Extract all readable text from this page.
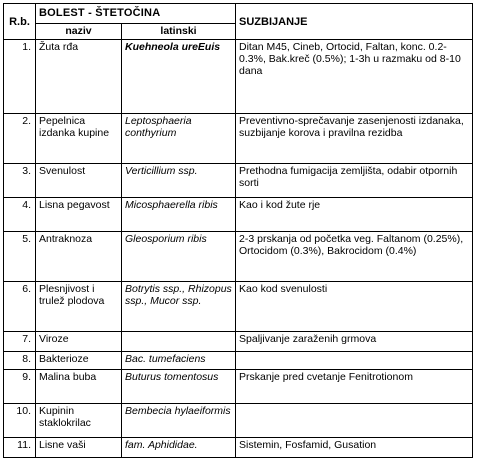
R.b.	BOLEST - ŠTETOČINA		SUZBIJANJE
	naziv	latinski	
1.	Žuta rđa	Kuehneola ureEuis	Ditan M45, Cineb, Ortocid, Faltan, konc. 0.2-0.3%, Bak.kreč (0.5%); 1-3h u razmaku od 8-10 dana
2.	Pepelnica izdanka kupine	Leptosphaeria conthyrium	Preventivno-sprečavanje zasenjenosti izdanaka, suzbijanje korova i pravilna rezidba
3.	Svenulost	Verticillium ssp.	Prethodna fumigacija zemljišta, odabir otpornih sorti
4.	Lisna pegavost	Micosphaerella ribis	Kao i kod žute rje
5.	Antraknoza	Gleosporium ribis	2-3 prskanja od početka veg. Faltanom (0.25%), Ortocidom (0.3%), Bakrocidom (0.4%)
6.	Plesnjivost i trulež plodova	Botrytis ssp., Rhizopus ssp., Mucor ssp.	Kao kod svenulosti
7.	Viroze		Spaljivanje zaraženih grmova
8.	Bakterioze	Bac. tumefaciens	
9.	Malina buba	Buturus tomentosus	Prskanje pred cvetanje Fenitrotionom
10.	Kupinin staklokrilac	Bembecia hylaeiformis	
11.	Lisne vaši	fam. Aphididae.	Sistemin, Fosfamid, Gusation
